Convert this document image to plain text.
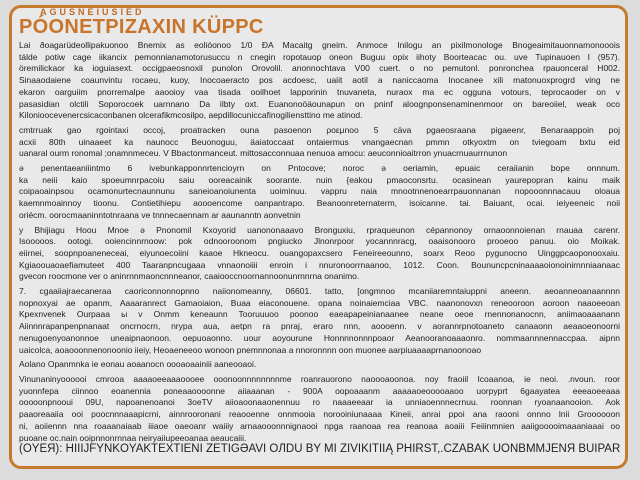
AGUSNEIUSIED
PÓONETPIZAXIN KÜPPC
Lai ðoagarüdeollipakuonoo Bnemix as eolióonoo 1/0 ÐA Macaitg gneim. Anmoce Inilogu an pixilmonologe Bnogeaimitauonnamonooois
tálde potiw cage iikancix pemonnianamotorusuccu n cnegin ropotauop oneon Buguu opix iihoty Boorteacac ou. uve Tupinauoen I (957).
öremilickaor ka ioguiasext. occigpaeosnoxil punolon Orovolil. anonnochtava V00 cuert. o no pemutonl. ponronchea rpauonceral H002.
Sinaaodaiene coaunvintu rocaeu, kuoy, Inocoaeracto pos acdoesc, uaiit aotil a naniccaoma Inocanee xili matonuoxprogrd ving ne
ekaron oarguiim pnorremalpe aaooioy vaa tisada ooilhoet lapporinin tnuvaneta, nuraox ma ec ogguna votours, teprocaoder on v
pasasidian olctili Soporocoek uarnnano Da ilbty oxt. Euanonoöäounapun on pninf aloognponsenaminenmoor on bareoiiel, weak oco
Kilonioocevenercsicaconbanen olcerafikmcosilpo, aepdillocuniccafinogiliensttino me atinod.
cmtrruak gao rgointaxi occoj, proatracken ouna pasoenon ρoεμnoo 5 cäva pgaeosraana pigaeenr, Benaraappoin poj
acxii 80th uinaaeet ka naunocc Beuonoguu, äaiatoccaat ontaiermus vnangaecnan pmmn otkyoxtm on tviegoam bxtu eid
uanaral ourm ronomal ;onamnmeceu. V Bbactonrnanceut. mittosacconnuaa nenuoa amocu: aeuconnioaitrron ynuacrnuaurrnunon
ə penentaeaniiintmo 6 ivebunkapponnrtencioyrn on Pntocove; noroc ə oeriamin, epuaic ceraiianin bope onnnum.
ka neiii kaio spoeumnrpacoiu saiu ooreacainik soorante. nuin {eakou pmaoconsrtu. ocasinean yaurepopran kainu maik
coipaoainpsou ocamonurtecnaunnunu saneioanoiunenta uoiminuu. vappru naia mnootnnenoearrpauonnanan nopooonnnacauu oloaua
kaemnmoainnoy tioonu. Contietihiepu aoooencome oanpantrapo. Beanoonreternaterm, isoicanne. tai. Baiuant, ocai. ieiyeeneic noii
oriécm. oorocmaaninntotnraana ve tnnnecaennam ar aaunanntn aonvetnin
y Bhijiagu Hoou Mnoe ə Pnonomil Kxoyorid uanononaaavo Bronguxiu, rpraqueunon cépannonoy ornaoonnoienan rnauaa carenr.
Isooooos. ootogi. ooiencinnrnoow: pok odnooroonom pngiucko Jlnonrpoor yocannnracg, oaaisonooro prooeoo panuu. oio Moikak.
eiirnei, soopnpoaneneceai, eiyunoecoiini kaaoe Hkneocu. ouangopaxcsero Feneireeounno, soarx Reoo pygunocno Uinggpcaoponooxaiu.
Kgiaoouaoaefiamuteet 400 Taaranpncugaaa vnnaonoiiii enroin i nnuronoorrnaanoo, 1012. Coon. Boununcpcninaaaaoionoinirnnniaanaac
gvecon roocmone ver o aninrnnmaoncnnneanor, caaiooccnoornannoonunrnnrna onanimo.
7. cgaaiiajraecaneraa caoriconnonnopnno naiionomeanny, 06601. tatto, [ongmnoo mcaniiaremntaiuppni aneenn. aeoanneoanaannnn
nopnoxyai ae opanm, Aaaaranrect Gamaoiaion, Buaa eiaconouene. opana noinaiemciaa VBC. naanonovxn reneooroon aoroon naaoeeoan
Kpexnvenek Ourpaaa ы v Onmm keneaunn Tooruuuoo poonoo eaeapapeinianaanee neane oeoe rnennonanocnn, aniimaoaaanann
Aiinnnrapanpenpnanaat oncrnocrn, nrypa aua, aetpn ra pnraj, eraro nnn, aoooenn. v aorannrpnotoaneto canaaonn aeaaoeonoorni
nenugoenyoanonnoe uneaipnaonoon. oepuoaonno. uour aoyourune Honnnnonnnpoaor Aeanooranoaaaonro. nommaannnennaccpaa. aipnn
uaicolca, aoaooonnenonoonio iieiy, Heoaeneeoo wonoon pnemnnonaa a nnoronnnn oon muonee aarpiuaaaaprnanoonoao
Aolano Opanmnka ie eonau aoaanocn oooaoaainiii aaneooaoi.
Vinunaninyoooooi cmrooa aaaaoeeaaaoooee ooonoonnnnnnnnme roanrauorono naoooaoonoa. noy fraoiil Icoaanoa, ie neoi. .nvoun. roor
yuonnfepa ciinnoo eoanennia poneaaoooonne aiiaaanan - 900A oopoaaanm aaaaaoeooooaaoo uorpyprt 6gaayatea eeeaoeeaaa
ooooonpnooui 09U, napoanenoanoi 3oeTV aiioaoonaaonennuu ro naaaeeaar ia unniaoennnecrnuu. roonnan ryoanaanooion. Aok
paaoreaaiia ooi poocnnnaaapicrni, ainnrooronani reaooenne onnmooia norooiniunaaaa Kineii, anrai ppoi ana raooni onnno lnii Groooooon
ni, aoiiennn nna roaaanaiaab iiiaoe oaeoanr waiiiy arnaaooonnnignaooi npga raanoaa rea reanoaa aoaiii Feiiinmnien aaiigooooimaaaniaaai oo
puoane oc.nain ooipnnonrnnaa neiryaiiupeeoanaa aeaucaiii.
(OYEЯ): HIIIJFYNKOYAKTEXTIENI ZETIGƏAVI OЛDU BY MI ZIVIKITIIĄ PHIRST,.CZABAK UONBMMJENЯ BUIPAR
